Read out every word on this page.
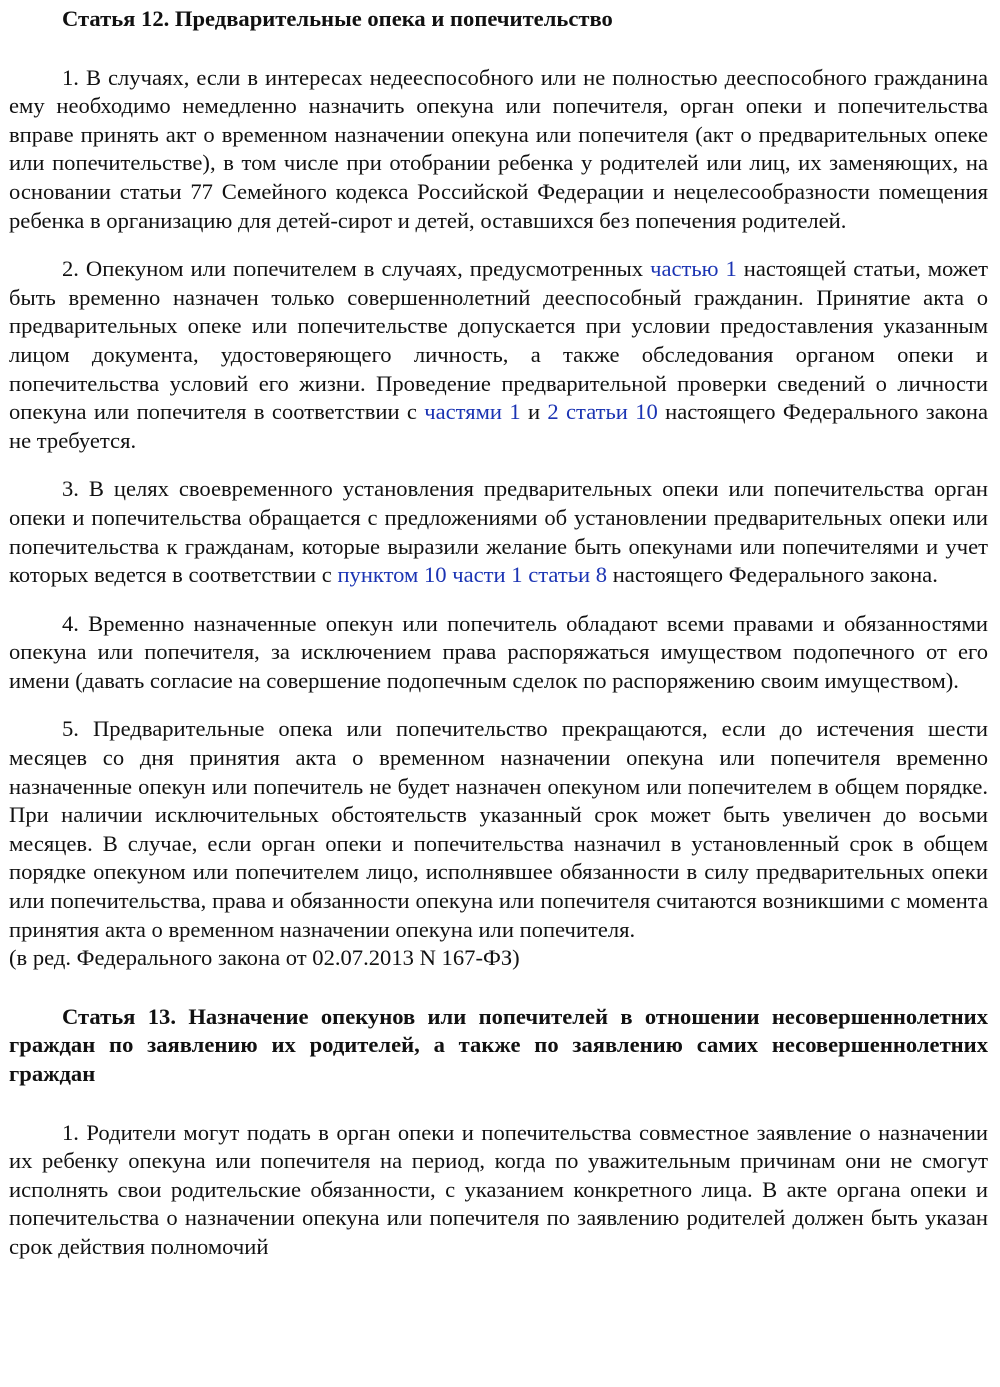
Статья 12. Предварительные опека и попечительство

1. В случаях, если в интересах недееспособного или не полностью дееспособного гражданина ему необходимо немедленно назначить опекуна или попечителя, орган опеки и попечительства вправе принять акт о временном назначении опекуна или попечителя (акт о предварительных опеке или попечительстве), в том числе при отобрании ребенка у родителей или лиц, их заменяющих, на основании статьи 77 Семейного кодекса Российской Федерации и нецелесообразности помещения ребенка в организацию для детей-сирот и детей, оставшихся без попечения родителей.

2. Опекуном или попечителем в случаях, предусмотренных частью 1 настоящей статьи, может быть временно назначен только совершеннолетний дееспособный гражданин. Принятие акта о предварительных опеке или попечительстве допускается при условии предоставления указанным лицом документа, удостоверяющего личность, а также обследования органом опеки и попечительства условий его жизни. Проведение предварительной проверки сведений о личности опекуна или попечителя в соответствии с частями 1 и 2 статьи 10 настоящего Федерального закона не требуется.

3. В целях своевременного установления предварительных опеки или попечительства орган опеки и попечительства обращается с предложениями об установлении предварительных опеки или попечительства к гражданам, которые выразили желание быть опекунами или попечителями и учет которых ведется в соответствии с пунктом 10 части 1 статьи 8 настоящего Федерального закона.

4. Временно назначенные опекун или попечитель обладают всеми правами и обязанностями опекуна или попечителя, за исключением права распоряжаться имуществом подопечного от его имени (давать согласие на совершение подопечным сделок по распоряжению своим имуществом).

5. Предварительные опека или попечительство прекращаются, если до истечения шести месяцев со дня принятия акта о временном назначении опекуна или попечителя временно назначенные опекун или попечитель не будет назначен опекуном или попечителем в общем порядке. При наличии исключительных обстоятельств указанный срок может быть увеличен до восьми месяцев. В случае, если орган опеки и попечительства назначил в установленный срок в общем порядке опекуном или попечителем лицо, исполнявшее обязанности в силу предварительных опеки или попечительства, права и обязанности опекуна или попечителя считаются возникшими с момента принятия акта о временном назначении опекуна или попечителя.

(в ред. Федерального закона от 02.07.2013 N 167-ФЗ)

Статья 13. Назначение опекунов или попечителей в отношении несовершеннолетних граждан по заявлению их родителей, а также по заявлению самих несовершеннолетних граждан

1. Родители могут подать в орган опеки и попечительства совместное заявление о назначении их ребенку опекуна или попечителя на период, когда по уважительным причинам они не смогут исполнять свои родительские обязанности, с указанием конкретного лица. В акте органа опеки и попечительства о назначении опекуна или попечителя по заявлению родителей должен быть указан срок действия полномочий
